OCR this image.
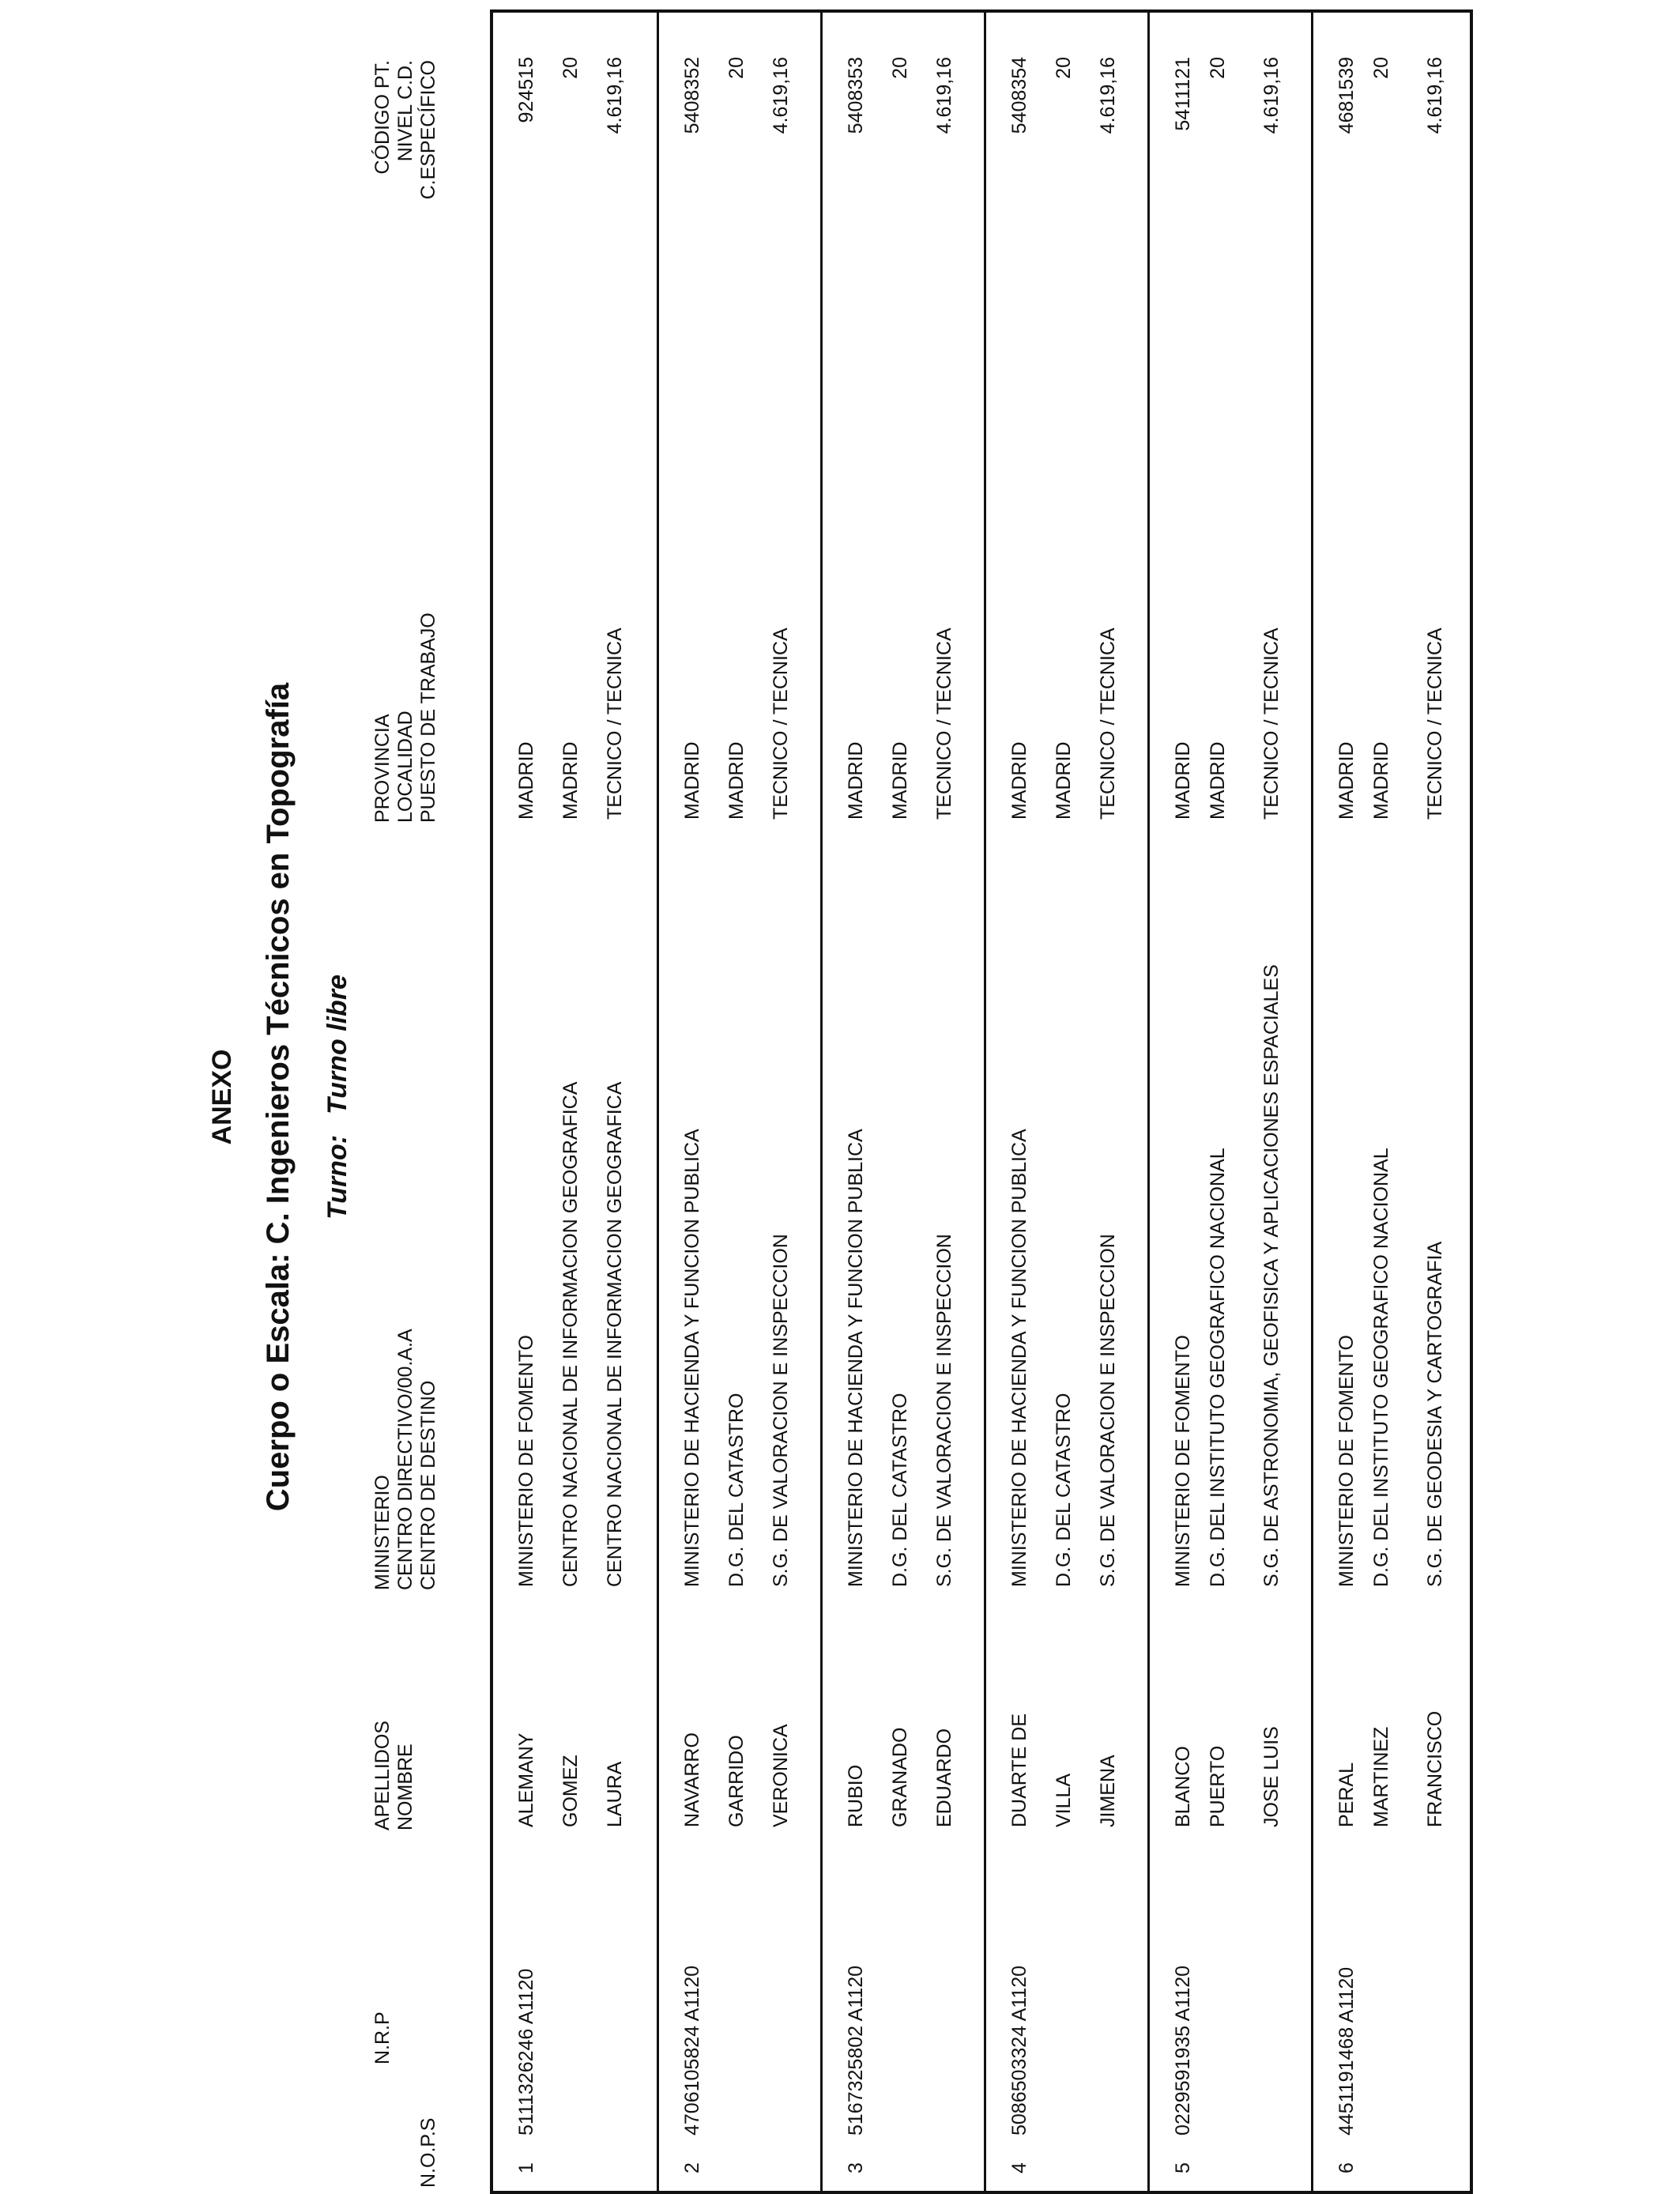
ANEXO Cuerpo o Escala: C. Ingenieros Técnicos en Topografía Turno:Turno libre
N.O.P.S
N.R.P
APELLIDOS NOMBRE
MINISTERIO CENTRO DIRECTIVO/00.A.A CENTRO DE DESTINO
PROVINCIA LOCALIDAD PUESTO DE TRABAJO
CÓDIGO PT. NIVEL C.D. C.ESPECÍFICO
1
5111326246 A1120
ALEMANY GOMEZ LAURA
MINISTERIO DE FOMENTO CENTRO NACIONAL DE INFORMACION GEOGRAFICA CENTRO NACIONAL DE INFORMACION GEOGRAFICA
MADRID MADRID TECNICO / TECNICA
924515 20 4.619,16
2
4706105824 A1120
NAVARRO GARRIDO VERONICA
MINISTERIO DE HACIENDA Y FUNCION PUBLICA D.G. DEL CATASTRO S.G. DE VALORACION E INSPECCION
MADRID MADRID TECNICO / TECNICA
5408352 20 4.619,16
3
5167325802 A1120
RUBIO GRANADO EDUARDO
MINISTERIO DE HACIENDA Y FUNCION PUBLICA D.G. DEL CATASTRO S.G. DE VALORACION E INSPECCION
MADRID MADRID TECNICO / TECNICA
5408353 20 4.619,16
4
5086503324 A1120
DUARTE DE VILLA JIMENA
MINISTERIO DE HACIENDA Y FUNCION PUBLICA D.G. DEL CATASTRO S.G. DE VALORACION E INSPECCION
MADRID MADRID TECNICO / TECNICA
5408354 20 4.619,16
5
0229591935 A1120
BLANCO PUERTO JOSE LUIS
MINISTERIO DE FOMENTO D.G. DEL INSTITUTO GEOGRAFICO NACIONAL S.G. DE ASTRONOMIA, GEOFISICA Y APLICACIONES ESPACIALES
MADRID MADRID TECNICO / TECNICA
5411121 20 4.619,16
6
4451191468 A1120
PERAL MARTINEZ FRANCISCO
MINISTERIO DE FOMENTO D.G. DEL INSTITUTO GEOGRAFICO NACIONAL S.G. DE GEODESIA Y CARTOGRAFIA
MADRID MADRID TECNICO / TECNICA
4681539 20 4.619,16
